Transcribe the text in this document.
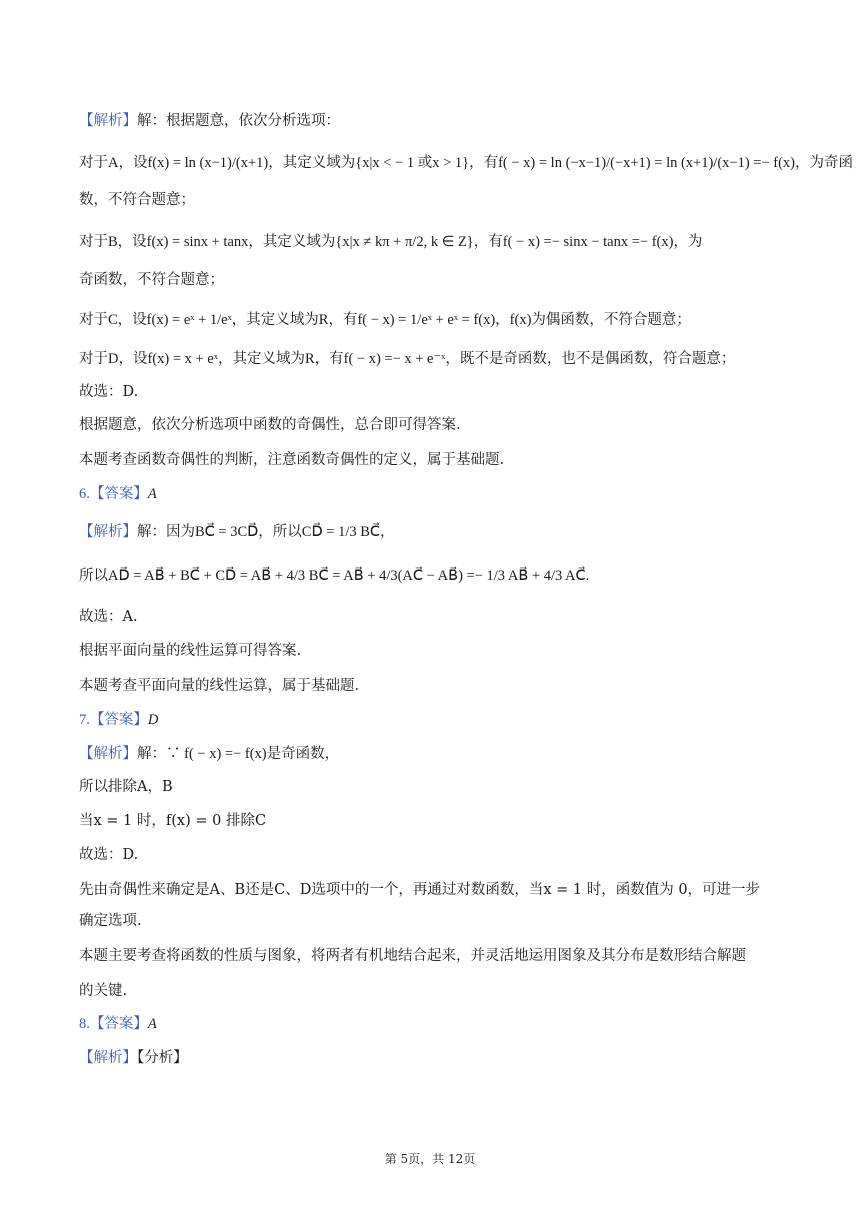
【解析】解：根据题意，依次分析选项：
对于A，设f(x) = ln (x−1)/(x+1)，其定义域为{x|x < − 1 或x > 1}，有f( − x) = ln (−x−1)/(−x+1) = ln (x+1)/(x−1) =− f(x)，为奇函
数，不符合题意；
对于B，设f(x) = sinx + tanx，其定义域为{x|x ≠ kπ + π/2, k ∈ Z}，有f( − x) =− sinx − tanx =− f(x)，为
奇函数，不符合题意；
对于C，设f(x) = eˣ + 1/eˣ，其定义域为R，有f( − x) = 1/eˣ + eˣ = f(x)，f(x)为偶函数，不符合题意；
对于D，设f(x) = x + eˣ，其定义域为R，有f( − x) =− x + e⁻ˣ，既不是奇函数，也不是偶函数，符合题意；
故选：D.
根据题意，依次分析选项中函数的奇偶性，总合即可得答案.
本题考查函数奇偶性的判断，注意函数奇偶性的定义，属于基础题.
6.【答案】A
【解析】解：因为BC⃗ = 3CD⃗，所以CD⃗ = 1/3 BC⃗，
所以AD⃗ = AB⃗ + BC⃗ + CD⃗ = AB⃗ + 4/3 BC⃗ = AB⃗ + 4/3(AC⃗ − AB⃗) =− 1/3 AB⃗ + 4/3 AC⃗.
故选：A.
根据平面向量的线性运算可得答案.
本题考查平面向量的线性运算，属于基础题.
7.【答案】D
【解析】解：∵ f( − x) =− f(x)是奇函数，
所以排除A，B
当x = 1 时，f(x) = 0 排除C
故选：D.
先由奇偶性来确定是A、B还是C、D选项中的一个，再通过对数函数，当x = 1 时，函数值为 0，可进一步
确定选项.
本题主要考查将函数的性质与图象，将两者有机地结合起来，并灵活地运用图象及其分布是数形结合解题
的关键.
8.【答案】A
【解析】【分析】
第 5页，共 12页
